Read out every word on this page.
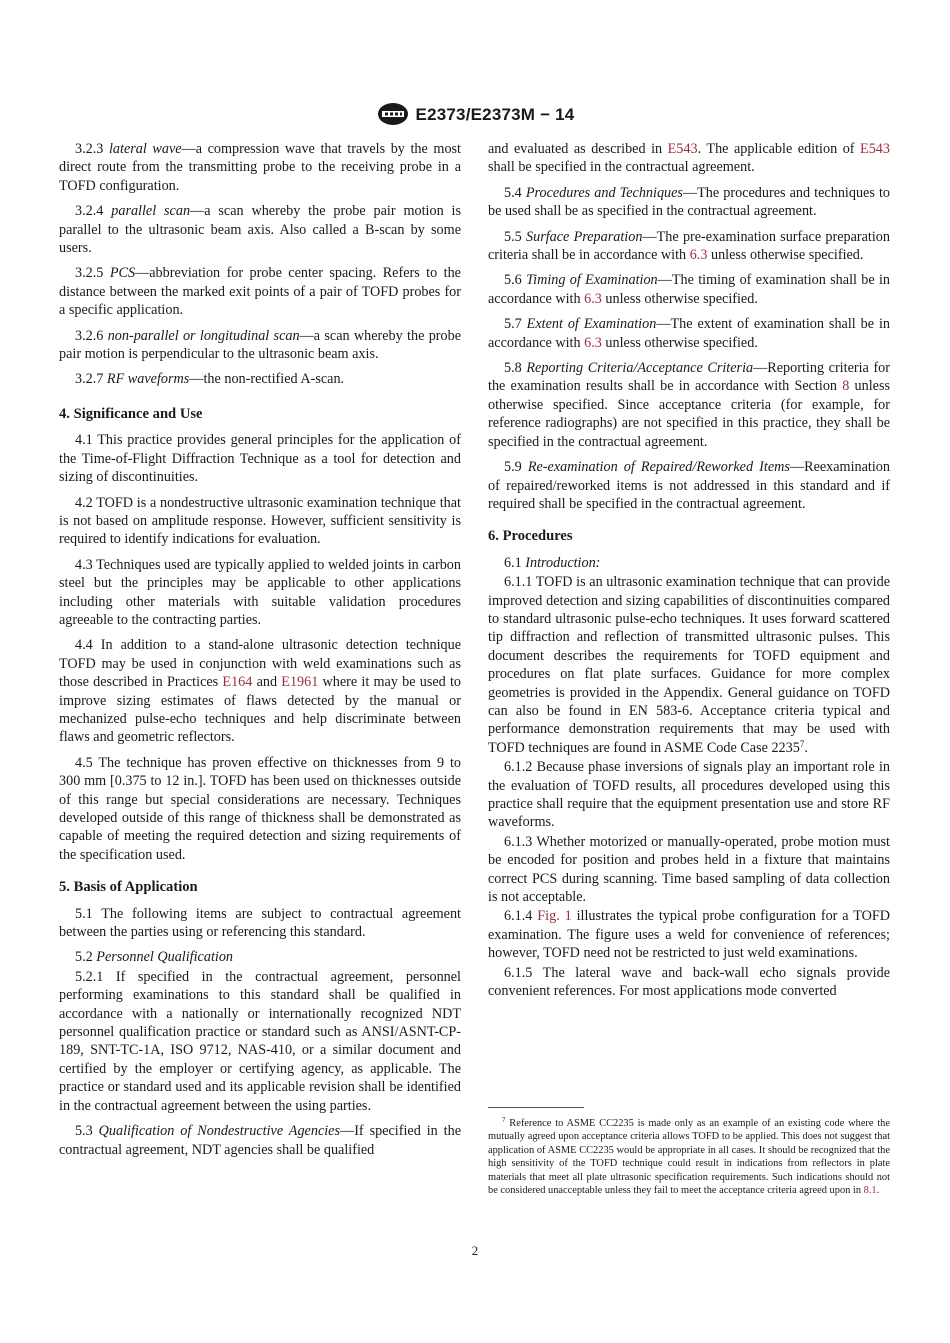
E2373/E2373M − 14

3.2.3 lateral wave—a compression wave that travels by the most direct route from the transmitting probe to the receiving probe in a TOFD configuration.

3.2.4 parallel scan—a scan whereby the probe pair motion is parallel to the ultrasonic beam axis. Also called a B-scan by some users.

3.2.5 PCS—abbreviation for probe center spacing. Refers to the distance between the marked exit points of a pair of TOFD probes for a specific application.

3.2.6 non-parallel or longitudinal scan—a scan whereby the probe pair motion is perpendicular to the ultrasonic beam axis.

3.2.7 RF waveforms—the non-rectified A-scan.

4. Significance and Use

4.1 This practice provides general principles for the application of the Time-of-Flight Diffraction Technique as a tool for detection and sizing of discontinuities.

4.2 TOFD is a nondestructive ultrasonic examination technique that is not based on amplitude response. However, sufficient sensitivity is required to identify indications for evaluation.

4.3 Techniques used are typically applied to welded joints in carbon steel but the principles may be applicable to other applications including other materials with suitable validation procedures agreeable to the contracting parties.

4.4 In addition to a stand-alone ultrasonic detection technique TOFD may be used in conjunction with weld examinations such as those described in Practices E164 and E1961 where it may be used to improve sizing estimates of flaws detected by the manual or mechanized pulse-echo techniques and help discriminate between flaws and geometric reflectors.

4.5 The technique has proven effective on thicknesses from 9 to 300 mm [0.375 to 12 in.]. TOFD has been used on thicknesses outside of this range but special considerations are necessary. Techniques developed outside of this range of thickness shall be demonstrated as capable of meeting the required detection and sizing requirements of the specification used.

5. Basis of Application

5.1 The following items are subject to contractual agreement between the parties using or referencing this standard.

5.2 Personnel Qualification

5.2.1 If specified in the contractual agreement, personnel performing examinations to this standard shall be qualified in accordance with a nationally or internationally recognized NDT personnel qualification practice or standard such as ANSI/ASNT-CP-189, SNT-TC-1A, ISO 9712, NAS-410, or a similar document and certified by the employer or certifying agency, as applicable. The practice or standard used and its applicable revision shall be identified in the contractual agreement between the using parties.

5.3 Qualification of Nondestructive Agencies—If specified in the contractual agreement, NDT agencies shall be qualified

and evaluated as described in E543. The applicable edition of E543 shall be specified in the contractual agreement.

5.4 Procedures and Techniques—The procedures and techniques to be used shall be as specified in the contractual agreement.

5.5 Surface Preparation—The pre-examination surface preparation criteria shall be in accordance with 6.3 unless otherwise specified.

5.6 Timing of Examination—The timing of examination shall be in accordance with 6.3 unless otherwise specified.

5.7 Extent of Examination—The extent of examination shall be in accordance with 6.3 unless otherwise specified.

5.8 Reporting Criteria/Acceptance Criteria—Reporting criteria for the examination results shall be in accordance with Section 8 unless otherwise specified. Since acceptance criteria (for example, for reference radiographs) are not specified in this practice, they shall be specified in the contractual agreement.

5.9 Re-examination of Repaired/Reworked Items—Reexamination of repaired/reworked items is not addressed in this standard and if required shall be specified in the contractual agreement.

6. Procedures

6.1 Introduction:

6.1.1 TOFD is an ultrasonic examination technique that can provide improved detection and sizing capabilities of discontinuities compared to standard ultrasonic pulse-echo techniques. It uses forward scattered tip diffraction and reflection of transmitted ultrasonic pulses. This document describes the requirements for TOFD equipment and procedures on flat plate surfaces. Guidance for more complex geometries is provided in the Appendix. General guidance on TOFD can also be found in EN 583-6. Acceptance criteria typical and performance demonstration requirements that may be used with TOFD techniques are found in ASME Code Case 2235$^7$.

6.1.2 Because phase inversions of signals play an important role in the evaluation of TOFD results, all procedures developed using this practice shall require that the equipment presentation use and store RF waveforms.

6.1.3 Whether motorized or manually-operated, probe motion must be encoded for position and probes held in a fixture that maintains correct PCS during scanning. Time based sampling of data collection is not acceptable.

6.1.4 Fig. 1 illustrates the typical probe configuration for a TOFD examination. The figure uses a weld for convenience of references; however, TOFD need not be restricted to just weld examinations.

6.1.5 The lateral wave and back-wall echo signals provide convenient references. For most applications mode converted

$^7$ Reference to ASME CC2235 is made only as an example of an existing code where the mutually agreed upon acceptance criteria allows TOFD to be applied. This does not suggest that application of ASME CC2235 would be appropriate in all cases. It should be recognized that the high sensitivity of the TOFD technique could result in indications from reflectors in plate materials that meet all plate ultrasonic specification requirements. Such indications should not be considered unacceptable unless they fail to meet the acceptance criteria agreed upon in 8.1.
2
